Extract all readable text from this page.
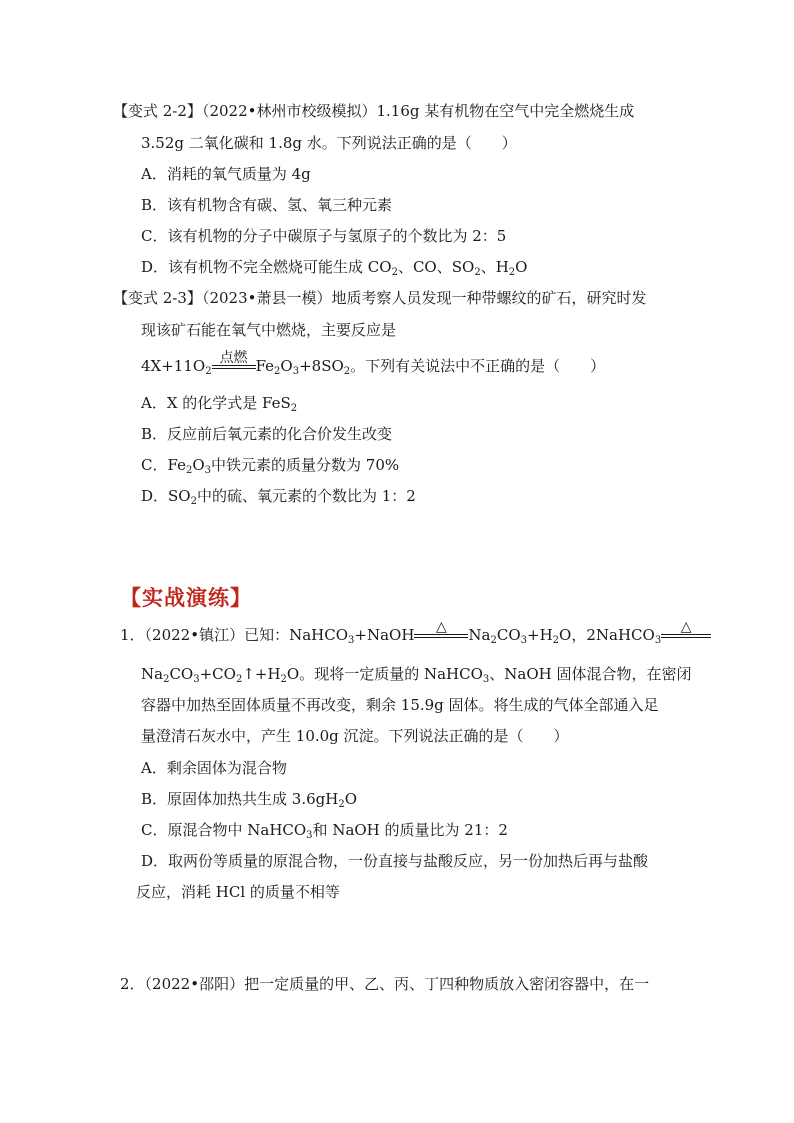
【变式 2-2】（2022•林州市校级模拟）1.16g 某有机物在空气中完全燃烧生成
3.52g 二氧化碳和 1.8g 水。下列说法正确的是（　　）
A．消耗的氧气质量为 4g
B．该有机物含有碳、氢、氧三种元素
C．该有机物的分子中碳原子与氢原子的个数比为 2：5
D．该有机物不完全燃烧可能生成 $CO_2$、CO、$SO_2$、$H_2O$
【变式 2-3】（2023•萧县一模）地质考察人员发现一种带螺纹的矿石，研究时发
现该矿石能在氧气中燃烧，主要反应是
$4X+11O_2$
点燃 $Fe_2O_3+8SO_2$。下列有关说法中不正确的是（　　）
A．X 的化学式是 FeS$_2$
B．反应前后氧元素的化合价发生改变
C．$Fe_2O_3$中铁元素的质量分数为 70%
D．$SO_2$中的硫、氧元素的个数比为 1：2
【实战演练】
1．（2022•镇江）已知：NaHCO$_3$+NaOH	△	$Na_2CO_3+H_2O$，2NaHCO$_3$
△
$Na_2CO_3+CO_2↑+H_2O$。现将一定质量的 NaHCO$_3$、NaOH 固体混合物，在密闭
容器中加热至固体质量不再改变，剩余 15.9g 固体。将生成的气体全部通入足
量澄清石灰水中，产生 10.0g 沉淀。下列说法正确的是（　　）
A．剩余固体为混合物
B．原固体加热共生成 $3.6gH_2O$
C．原混合物中 NaHCO$_3$和 NaOH 的质量比为 21：2
D．取两份等质量的原混合物，一份直接与盐酸反应，另一份加热后再与盐酸
反应，消耗 HCl 的质量不相等
2．（2022•邵阳）把一定质量的甲、乙、丙、丁四种物质放入密闭容器中，在一
